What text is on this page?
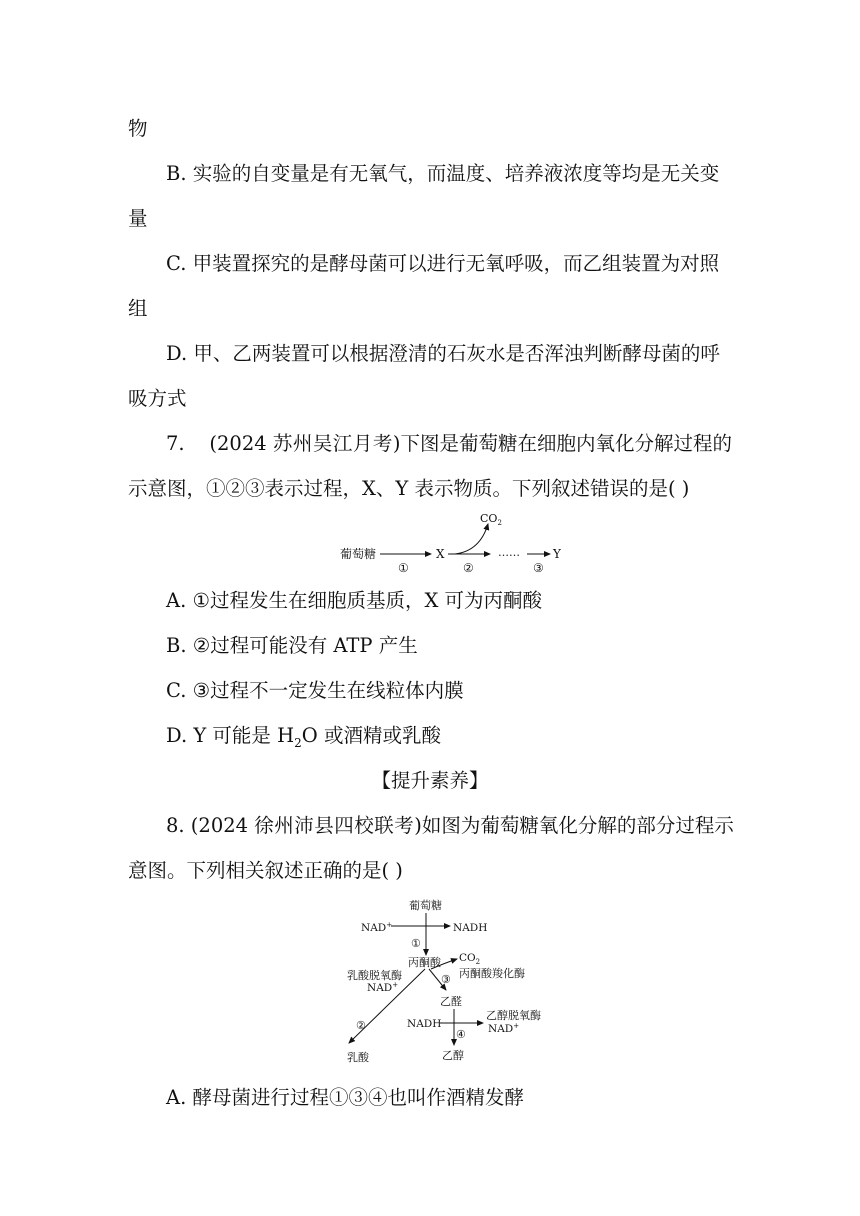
物
B. 实验的自变量是有无氧气，而温度、培养液浓度等均是无关变
量
C. 甲装置探究的是酵母菌可以进行无氧呼吸，而乙组装置为对照
组
D. 甲、乙两装置可以根据澄清的石灰水是否浑浊判断酵母菌的呼
吸方式
7. (2024 苏州吴江月考)下图是葡萄糖在细胞内氧化分解过程的
示意图，①②③表示过程，X、Y 表示物质。下列叙述错误的是( )
葡萄糖
①
X
$CO_2$
②
……
③
Y
A. ①过程发生在细胞质基质，X 可为丙酮酸
B. ②过程可能没有 ATP 产生
C. ③过程不一定发生在线粒体内膜
D. Y 可能是 $H_2O$ 或酒精或乳酸
【提升素养】
8. (2024 徐州沛县四校联考)如图为葡萄糖氧化分解的部分过程示
意图。下列相关叙述正确的是( )
葡萄糖
NAD+	NADH
①
丙酮酸 $CO_2$
丙酮酸羧化酶
③
乳酸脱氧酶
NAD+
②
乳酸
乙醛
NADH
④
乙醇脱氧酶
NAD+
乙醇
A. 酵母菌进行过程①③④也叫作酒精发酵
